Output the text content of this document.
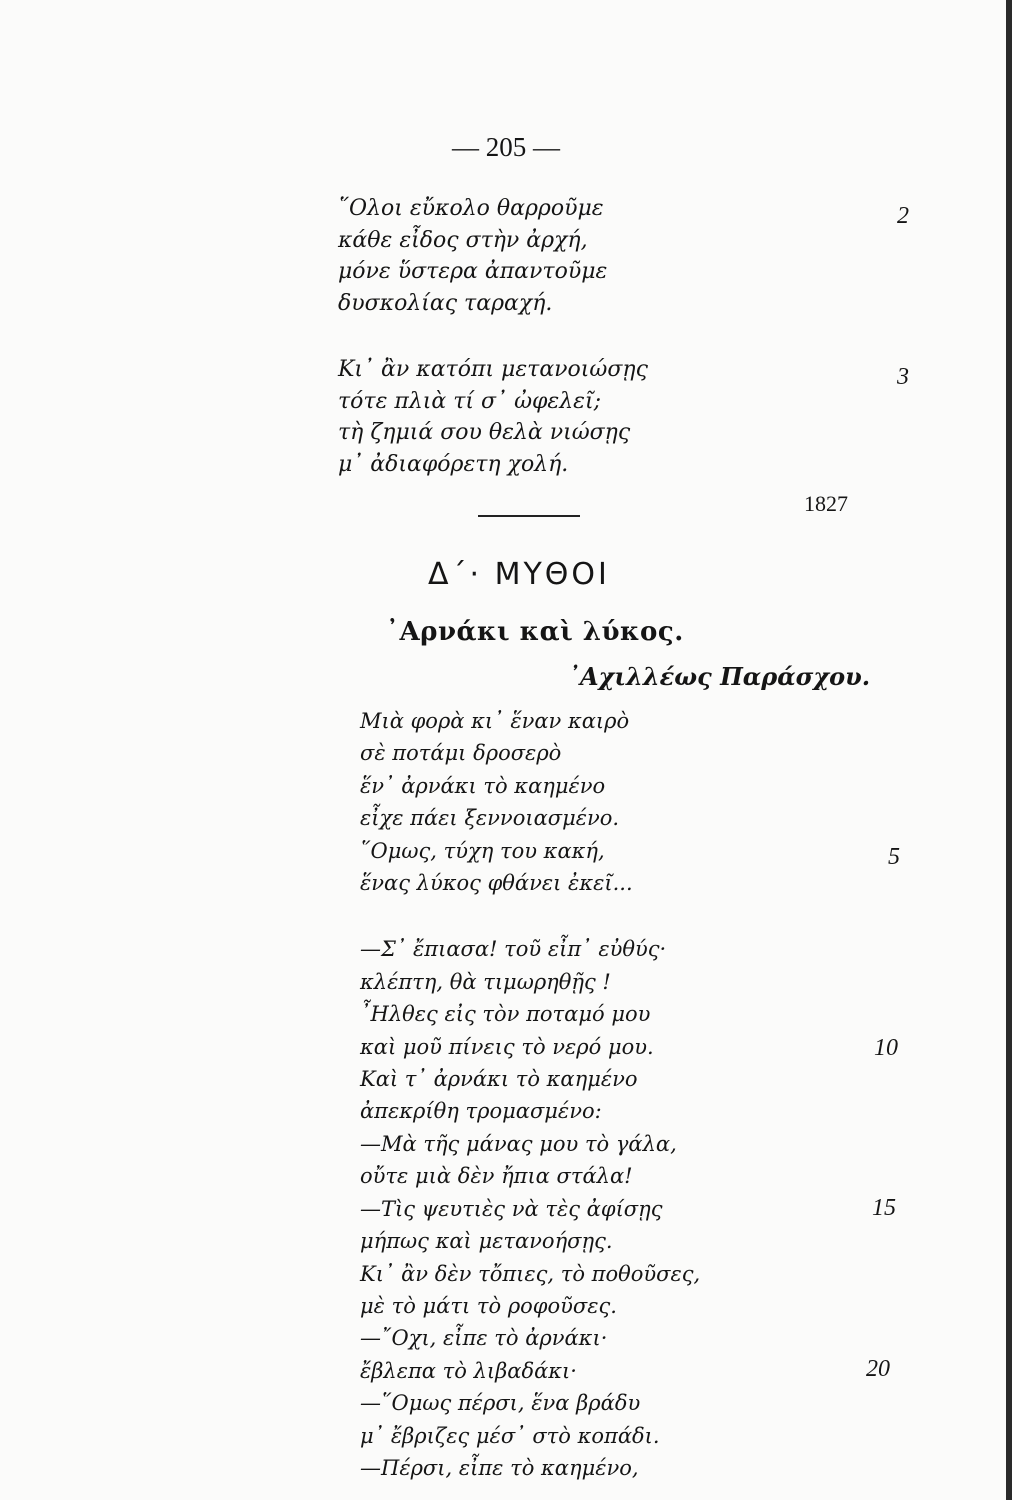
— 205 —
῞Ολοι εὔκολο θαρροῦμε
κάθε εἶδος στὴν ἀρχή,
μόνε ὕστερα ἀπαντοῦμε
δυσκολίας ταραχή.
2
Κι᾿ ἂν κατόπι μετανοιώσῃς
τότε πλιὰ τί σ᾿ ὠφελεῖ;
τὴ ζημιά σου θελὰ νιώσῃς
μ᾿ ἀδιαφόρετη χολή.
3
1827
Δ΄· ΜΥΘΟΙ
᾿Αρνάκι καὶ λύκος.
᾿Αχιλλέως Παράσχου.
Μιὰ φορὰ κι᾿ ἕναν καιρὸ
σὲ ποτάμι δροσερὸ
ἕν᾿ ἀρνάκι τὸ καημένο
εἶχε πάει ξεννοιασμένο.
῞Ομως, τύχη του κακή,
ἕνας λύκος φθάνει ἐκεῖ...
—Σ᾿ ἔπιασα! τοῦ εἶπ᾿ εὐθύς·
κλέπτη, θὰ τιμωρηθῇς !
῏Ηλθες εἰς τὸν ποταμό μου
καὶ μοῦ πίνεις τὸ νερό μου.
Καὶ τ᾿ ἀρνάκι τὸ καημένο
ἀπεκρίθη τρομασμένο:
—Μὰ τῆς μάνας μου τὸ γάλα,
οὔτε μιὰ δὲν ἤπια στάλα!
—Τὶς ψευτιὲς νὰ τὲς ἀφίσῃς
μήπως καὶ μετανοήσῃς.
Κι᾿ ἂν δὲν τὄπιες, τὸ ποθοῦσες,
μὲ τὸ μάτι τὸ ροφοῦσες.
—῎Οχι, εἶπε τὸ ἀρνάκι·
ἔβλεπα τὸ λιβαδάκι·
—῞Ομως πέρσι, ἕνα βράδυ
μ᾿ ἔβριζες μέσ᾿ στὸ κοπάδι.
—Πέρσι, εἶπε τὸ καημένο,
5
10
15
20
